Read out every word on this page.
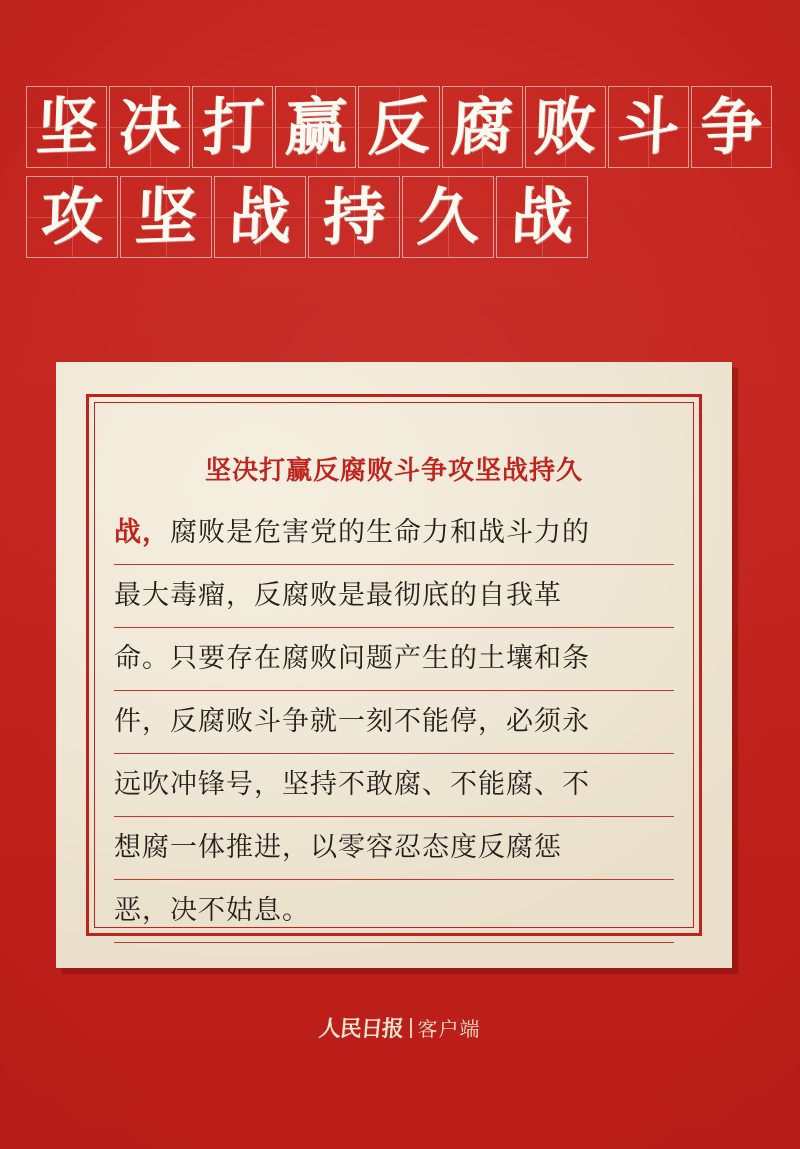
坚 决 打 赢 反 腐 败 斗 争
攻 坚 战 持 久 战
坚决打赢反腐败斗争攻坚战持久
战，腐败是危害党的生命力和战斗力的
最大毒瘤，反腐败是最彻底的自我革
命。只要存在腐败问题产生的土壤和条
件，反腐败斗争就一刻不能停，必须永
远吹冲锋号，坚持不敢腐、不能腐、不
想腐一体推进，以零容忍态度反腐惩
恶，决不姑息。
人民日报 客户端
